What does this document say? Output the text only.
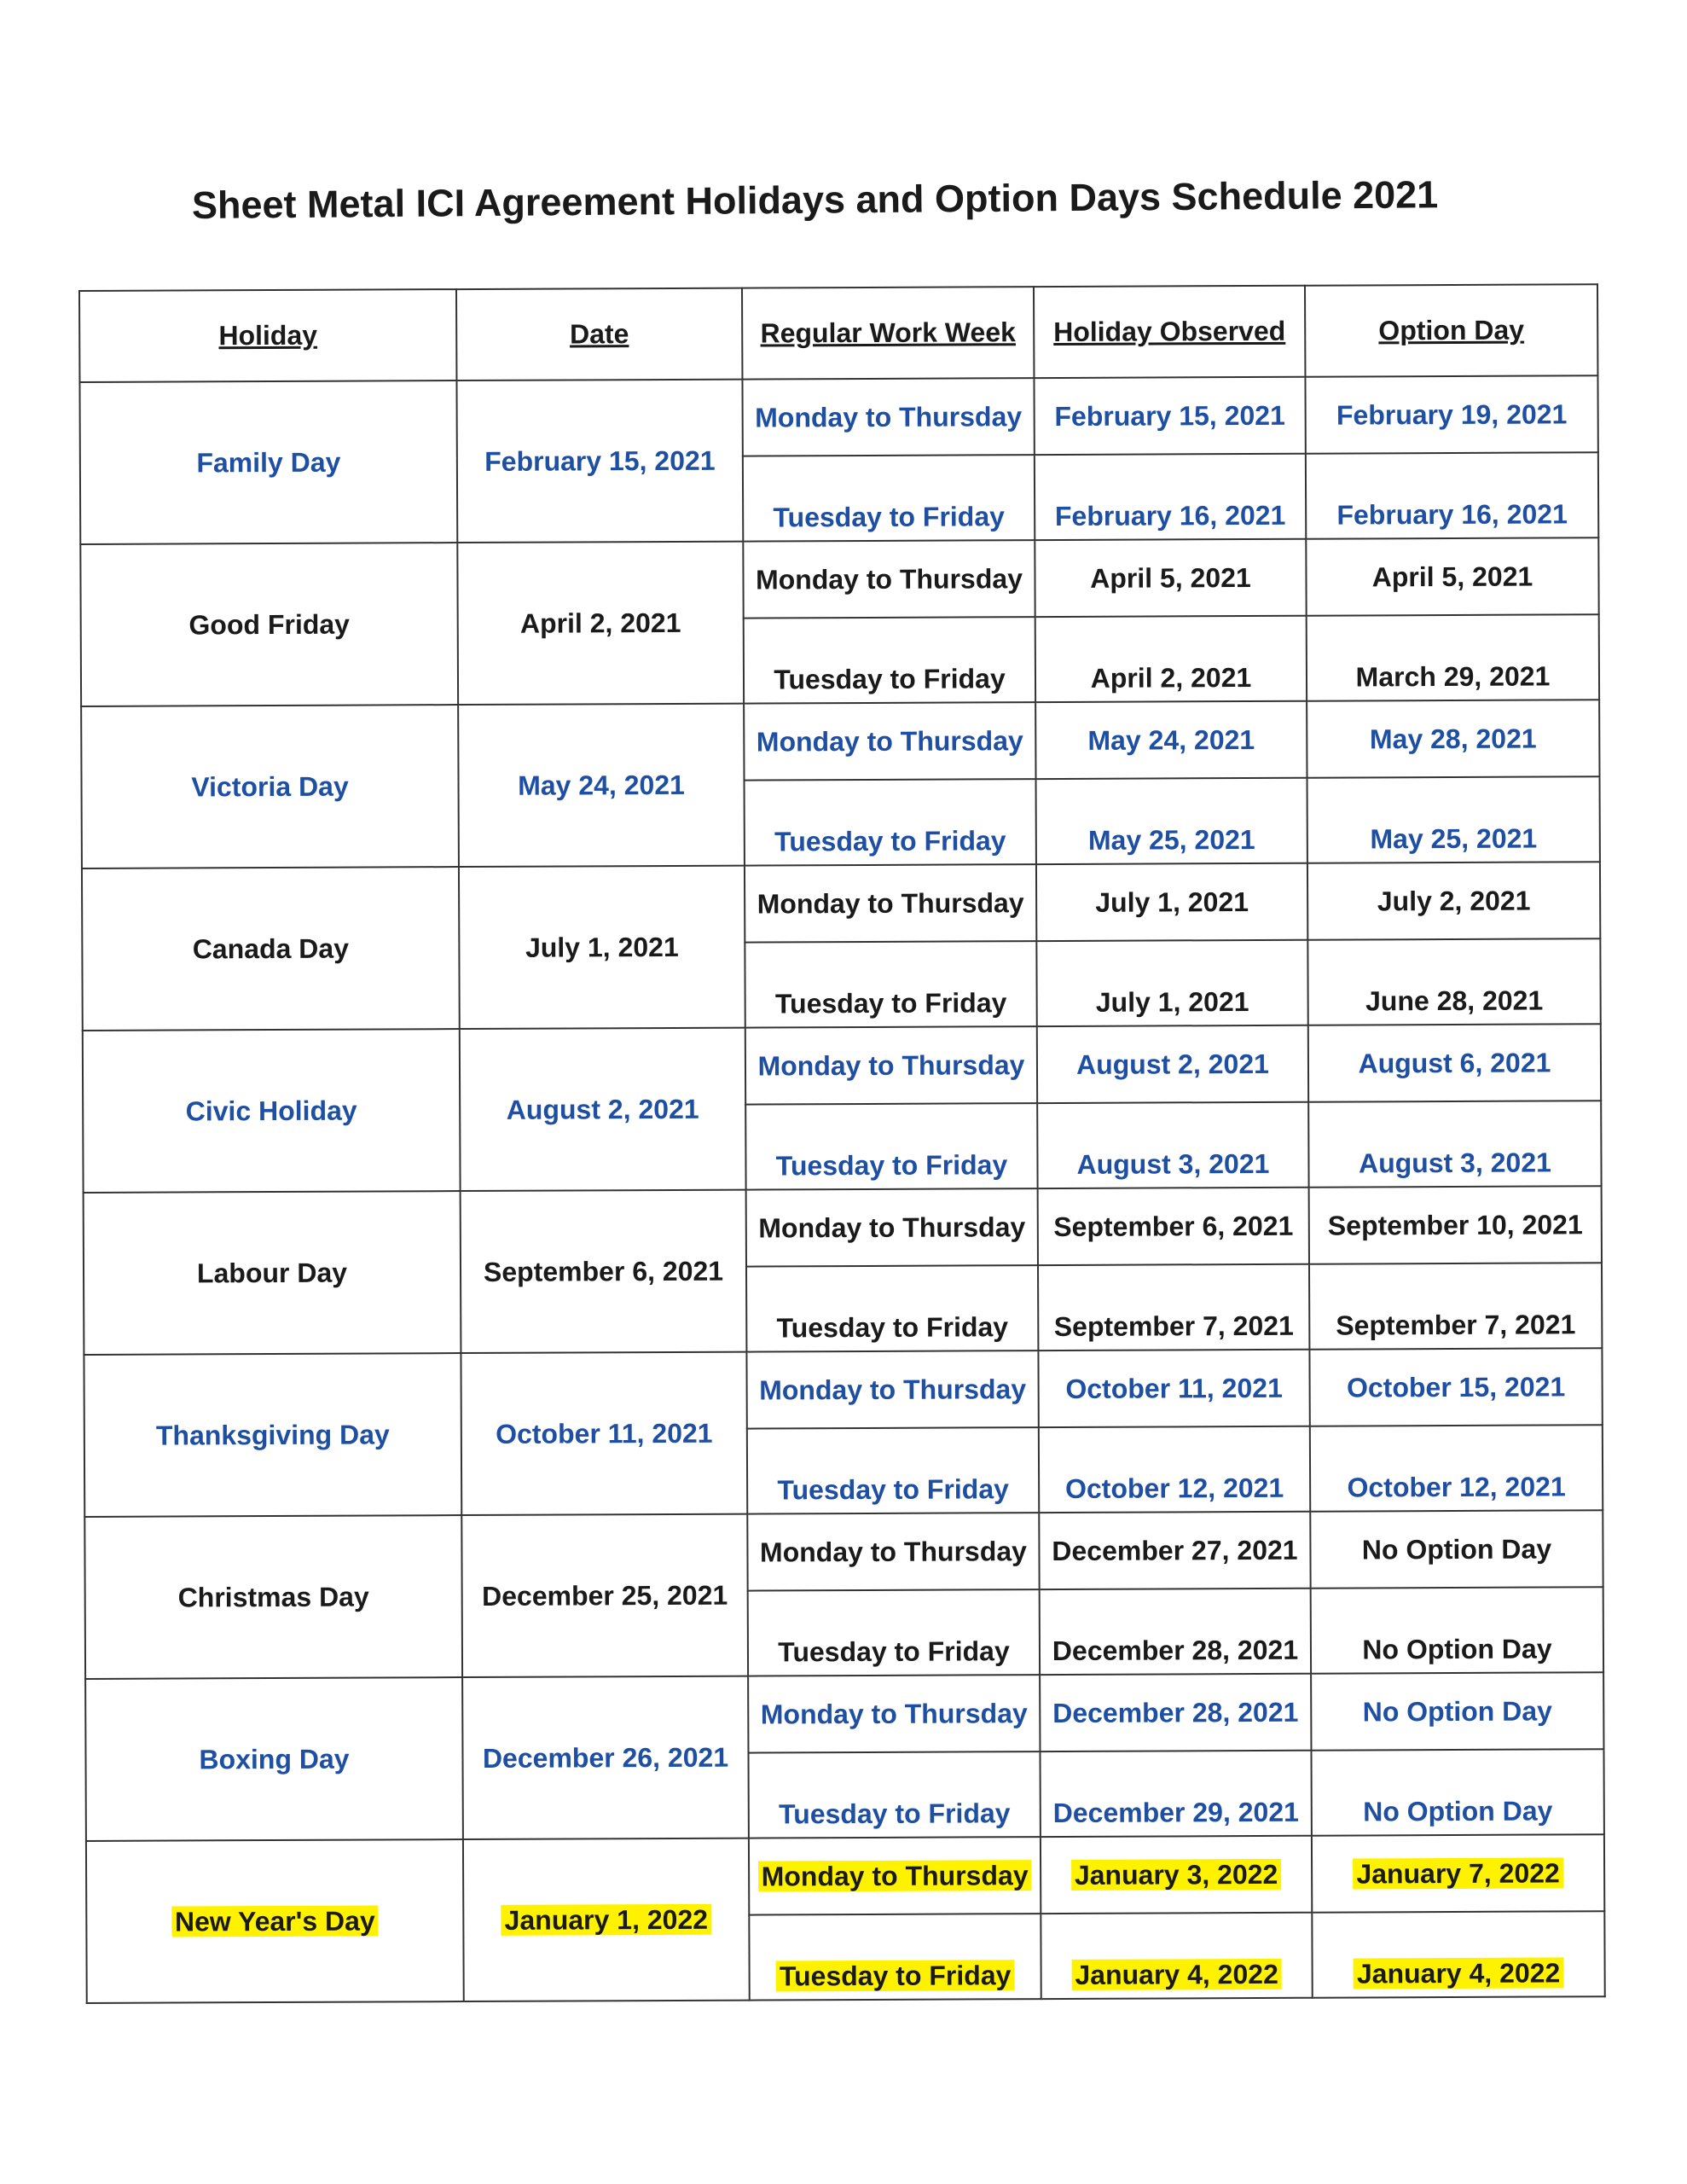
Sheet Metal ICI Agreement Holidays and Option Days Schedule 2021
Holiday	Date	Regular Work Week	Holiday Observed	Option Day
Family Day	February 15, 2021	Monday to Thursday	February 15, 2021	February 19, 2021
		Tuesday to Friday	February 16, 2021	February 16, 2021
Good Friday	April 2, 2021	Monday to Thursday	April 5, 2021	April 5, 2021
		Tuesday to Friday	April 2, 2021	March 29, 2021
Victoria Day	May 24, 2021	Monday to Thursday	May 24, 2021	May 28, 2021
		Tuesday to Friday	May 25, 2021	May 25, 2021
Canada Day	July 1, 2021	Monday to Thursday	July 1, 2021	July 2, 2021
		Tuesday to Friday	July 1, 2021	June 28, 2021
Civic Holiday	August 2, 2021	Monday to Thursday	August 2, 2021	August 6, 2021
		Tuesday to Friday	August 3, 2021	August 3, 2021
Labour Day	September 6, 2021	Monday to Thursday	September 6, 2021	September 10, 2021
		Tuesday to Friday	September 7, 2021	September 7, 2021
Thanksgiving Day	October 11, 2021	Monday to Thursday	October 11, 2021	October 15, 2021
		Tuesday to Friday	October 12, 2021	October 12, 2021
Christmas Day	December 25, 2021	Monday to Thursday	December 27, 2021	No Option Day
		Tuesday to Friday	December 28, 2021	No Option Day
Boxing Day	December 26, 2021	Monday to Thursday	December 28, 2021	No Option Day
		Tuesday to Friday	December 29, 2021	No Option Day
New Year's Day	January 1, 2022	Monday to Thursday	January 3, 2022	January 7, 2022
		Tuesday to Friday	January 4, 2022	January 4, 2022
